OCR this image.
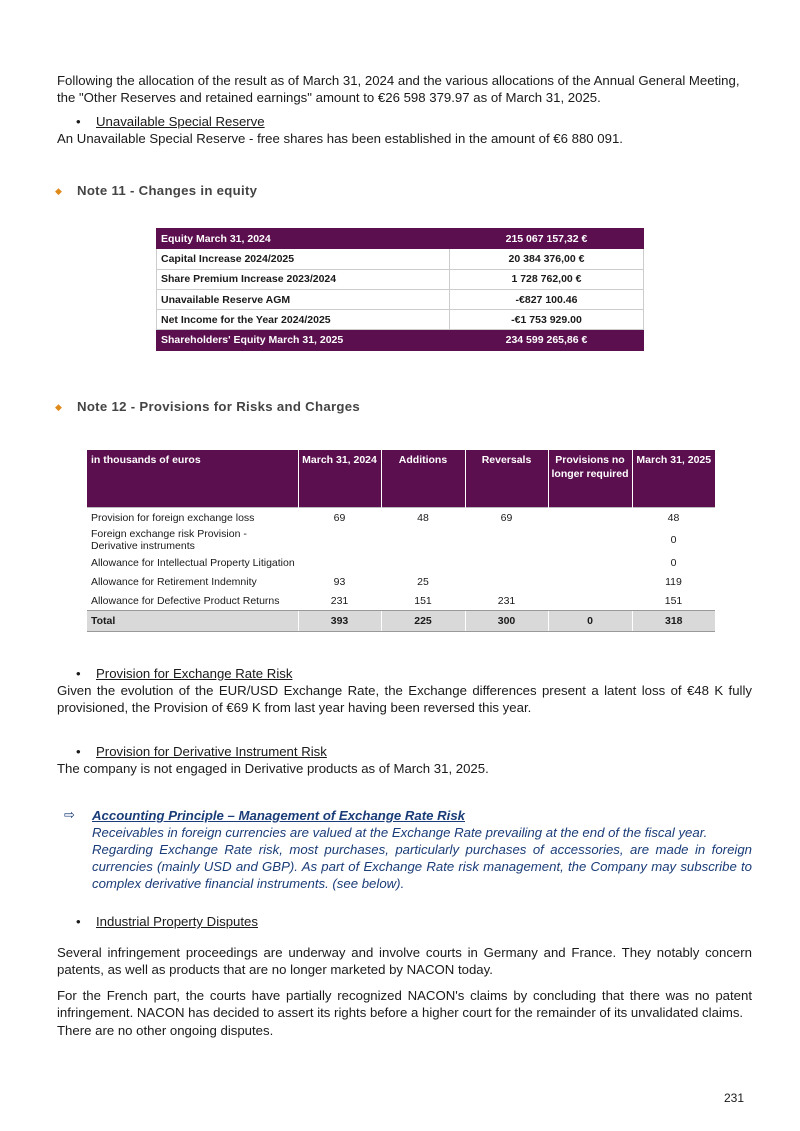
Following the allocation of the result as of March 31, 2024 and the various allocations of the Annual General Meeting, the "Other Reserves and retained earnings" amount to €26 598 379.97 as of March 31, 2025.
• Unavailable Special Reserve
An Unavailable Special Reserve - free shares has been established in the amount of €6 880 091.
◆ Note 11 - Changes in equity
Equity March 31, 2024	215 067 157,32 €
Capital Increase 2024/2025	20 384 376,00 €
Share Premium Increase 2023/2024	1 728 762,00 €
Unavailable Reserve AGM	-€827 100.46
Net Income for the Year 2024/2025	-€1 753 929.00
Shareholders' Equity March 31, 2025	234 599 265,86 €
◆ Note 12 - Provisions for Risks and Charges
in thousands of euros	March 31, 2024	Additions	Reversals	Provisions no longer required	March 31, 2025
Provision for foreign exchange loss	69	48	69		48
Foreign exchange risk Provision - Derivative instruments					0
Allowance for Intellectual Property Litigation					0
Allowance for Retirement Indemnity	93	25			119
Allowance for Defective Product Returns	231	151	231		151
Total	393	225	300	0	318
• Provision for Exchange Rate Risk
Given the evolution of the EUR/USD Exchange Rate, the Exchange differences present a latent loss of €48 K fully provisioned, the Provision of €69 K from last year having been reversed this year.
• Provision for Derivative Instrument Risk
The company is not engaged in Derivative products as of March 31, 2025.
⇨ Accounting Principle – Management of Exchange Rate Risk
Receivables in foreign currencies are valued at the Exchange Rate prevailing at the end of the fiscal year.
Regarding Exchange Rate risk, most purchases, particularly purchases of accessories, are made in foreign currencies (mainly USD and GBP). As part of Exchange Rate risk management, the Company may subscribe to complex derivative financial instruments. (see below).
• Industrial Property Disputes
Several infringement proceedings are underway and involve courts in Germany and France. They notably concern patents, as well as products that are no longer marketed by NACON today.
For the French part, the courts have partially recognized NACON's claims by concluding that there was no patent infringement. NACON has decided to assert its rights before a higher court for the remainder of its unvalidated claims.
There are no other ongoing disputes.
231
